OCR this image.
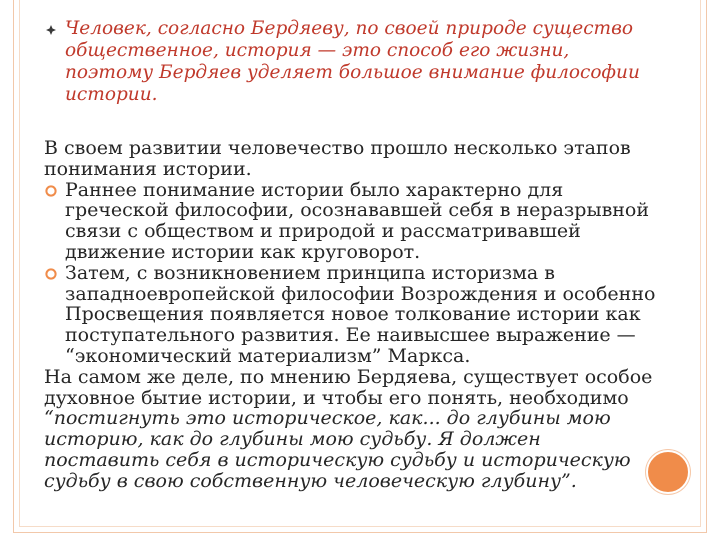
Человек, согласно Бердяеву, по своей природе существо
общественное, история — это способ его жизни,
поэтому Бердяев уделяет большое внимание философии
истории.
В своем развитии человечество прошло несколько этапов
понимания истории.
Раннее понимание истории было характерно для
греческой философии, осознававшей себя в неразрывной
связи с обществом и природой и рассматривавшей
движение истории как круговорот.
Затем, с возникновением принципа историзма в
западноевропейской философии Возрождения и особенно
Просвещения появляется новое толкование истории как
поступательного развития. Ее наивысшее выражение —
“экономический материализм” Маркса.
На самом же деле, по мнению Бердяева, существует особое
духовное бытие истории, и чтобы его понять, необходимо
“постигнуть это историческое, как... до глубины мою
историю, как до глубины мою судьбу. Я должен
поставить себя в историческую судьбу и историческую
судьбу в свою собственную человеческую глубину”.
